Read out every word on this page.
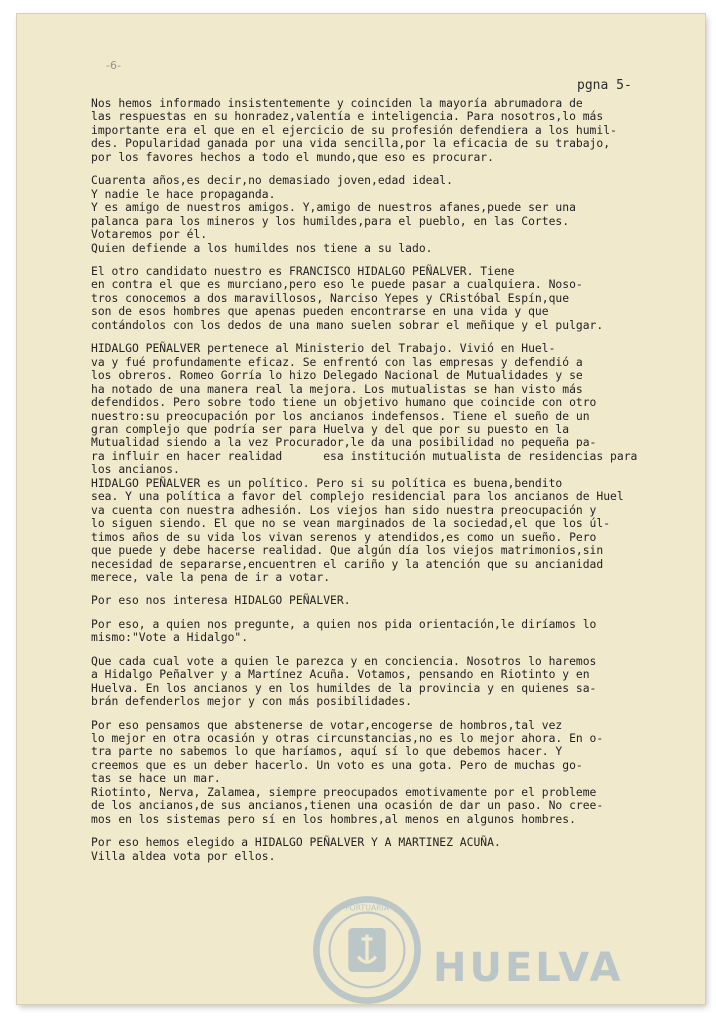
-6-
pgna 5-

Nos hemos informado insistentemente y coinciden la mayoría abrumadora de
las respuestas en su honradez,valentía e inteligencia. Para nosotros,lo más
importante era el que en el ejercicio de su profesión defendiera a los humil-
des. Popularidad ganada por una vida sencilla,por la eficacia de su trabajo,
por los favores hechos a todo el mundo,que eso es procurar.

Cuarenta años,es decir,no demasiado joven,edad ideal.
Y nadie le hace propaganda.
Y es amigo de nuestros amigos. Y,amigo de nuestros afanes,puede ser una
palanca para los mineros y los humildes,para el pueblo, en las Cortes.
Votaremos por él.
Quien defiende a los humildes nos tiene a su lado.

El otro candidato nuestro es FRANCISCO HIDALGO PEÑALVER. Tiene
en contra el que es murciano,pero eso le puede pasar a cualquiera. Noso-
tros conocemos a dos maravillosos, Narciso Yepes y CRistóbal Espín,que
son de esos hombres que apenas pueden encontrarse en una vida y que
contándolos con los dedos de una mano suelen sobrar el meñique y el pulgar.

HIDALGO PEÑALVER pertenece al Ministerio del Trabajo. Vivió en Huel-
va y fué profundamente eficaz. Se enfrentó con las empresas y defendió a
los obreros. Romeo Gorría lo hizo Delegado Nacional de Mutualidades y se
ha notado de una manera real la mejora. Los mutualistas se han visto más
defendidos. Pero sobre todo tiene un objetivo humano que coincide con otro
nuestro:su preocupación por los ancianos indefensos. Tiene el sueño de un
gran complejo que podría ser para Huelva y del que por su puesto en la
Mutualidad siendo a la vez Procurador,le da una posibilidad no pequeña pa-
ra influir en hacer realidad      esa institución mutualista de residencias para
los ancianos.

HIDALGO PEÑALVER es un político. Pero si su política es buena,bendito
sea. Y una política a favor del complejo residencial para los ancianos de Huel
va cuenta con nuestra adhesión. Los viejos han sido nuestra preocupación y
lo siguen siendo. El que no se vean marginados de la sociedad,el que los úl-
timos años de su vida los vivan serenos y atendidos,es como un sueño. Pero
que puede y debe hacerse realidad. Que algún día los viejos matrimonios,sin
necesidad de separarse,encuentren el cariño y la atención que su ancianidad
merece, vale la pena de ir a votar.

Por eso nos interesa HIDALGO PEÑALVER.

Por eso, a quien nos pregunte, a quien nos pida orientación,le diríamos lo
mismo:"Vote a Hidalgo".

Que cada cual vote a quien le parezca y en conciencia. Nosotros lo haremos
a Hidalgo Peñalver y a Martínez Acuña. Votamos, pensando en Riotinto y en
Huelva. En los ancianos y en los humildes de la provincia y en quienes sa-
brán defenderlos mejor y con más posibilidades.

Por eso pensamos que abstenerse de votar,encogerse de hombros,tal vez
lo mejor en otra ocasión y otras circunstancias,no es lo mejor ahora. En o-
tra parte no sabemos lo que haríamos, aquí sí lo que debemos hacer. Y
creemos que es un deber hacerlo. Un voto es una gota. Pero de muchas go-
tas se hace un mar.
Riotinto, Nerva, Zalamea, siempre preocupados emotivamente por el probleme
de los ancianos,de sus ancianos,tienen una ocasión de dar un paso. No cree-
mos en los sistemas pero sí en los hombres,al menos en algunos hombres.

Por eso hemos elegido a HIDALGO PEÑALVER Y A MARTINEZ ACUÑA.
Villa aldea vota por ellos.

PORTUARIA
HUELVA
